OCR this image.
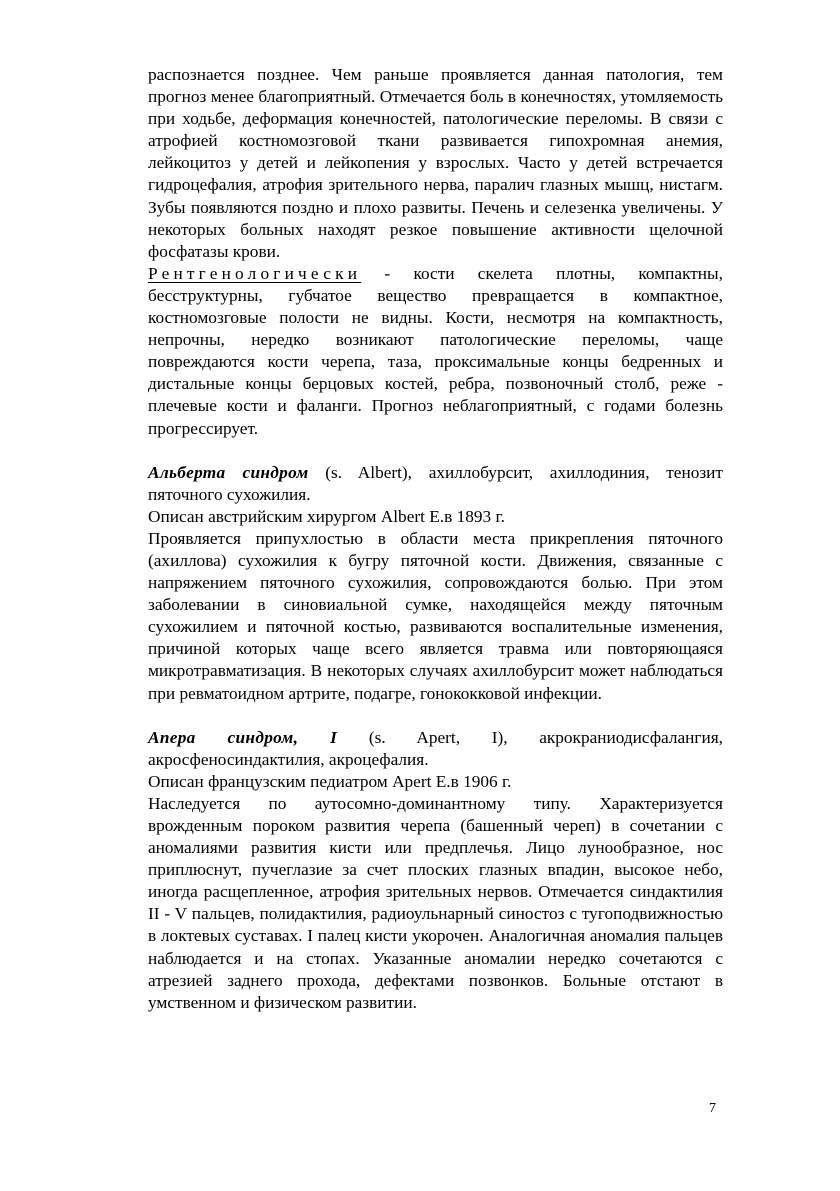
распознается позднее. Чем раньше проявляется данная патология, тем прогноз менее благоприятный. Отмечается боль в конечностях, утомляемость при ходьбе, деформация конечностей, патологические переломы. В связи с атрофией костномозговой ткани развивается гипохромная анемия, лейкоцитоз у детей и лейкопения у взрослых. Часто у детей встречается гидроцефалия, атрофия зрительного нерва, паралич глазных мышц, нистагм. Зубы появляются поздно и плохо развиты. Печень и селезенка увеличены. У некоторых больных находят резкое повышение активности щелочной фосфатазы крови.

Рентгенологически - кости скелета плотны, компактны, бесструктурны, губчатое вещество превращается в компактное, костномозговые полости не видны. Кости, несмотря на компактность, непрочны, нередко возникают патологические переломы, чаще повреждаются кости черепа, таза, проксимальные концы бедренных и дистальные концы берцовых костей, ребра, позвоночный столб, реже - плечевые кости и фаланги. Прогноз неблагоприятный, с годами болезнь прогрессирует.

Альберта синдром (s. Albert), ахиллобурсит, ахиллодиния, тенозит пяточного сухожилия.

Описан австрийским хирургом Albert E.в 1893 г.

Проявляется припухлостью в области места прикрепления пяточного (ахиллова) сухожилия к бугру пяточной кости. Движения, связанные с напряжением пяточного сухожилия, сопровождаются болью. При этом заболевании в синовиальной сумке, находящейся между пяточным сухожилием и пяточной костью, развиваются воспалительные изменения, причиной которых чаще всего является травма или повторяющаяся микротравматизация. В некоторых случаях ахиллобурсит может наблюдаться при ревматоидном артрите, подагре, гонококковой инфекции.

Апера синдром, I (s. Apert, I), акрокраниодисфалангия, акросфеносиндактилия, акроцефалия.

Описан французским педиатром Apert E.в 1906 г.

Наследуется по аутосомно-доминантному типу. Характеризуется врожденным пороком развития черепа (башенный череп) в сочетании с аномалиями развития кисти или предплечья. Лицо лунообразное, нос приплюснут, пучеглазие за счет плоских глазных впадин, высокое небо, иногда расщепленное, атрофия зрительных нервов. Отмечается синдактилия II - V пальцев, полидактилия, радиоульнарный синостоз с тугоподвижностью в локтевых суставах. I палец кисти укорочен. Аналогичная аномалия пальцев наблюдается и на стопах. Указанные аномалии нередко сочетаются с атрезией заднего прохода, дефектами позвонков. Больные отстают в умственном и физическом развитии.

7
